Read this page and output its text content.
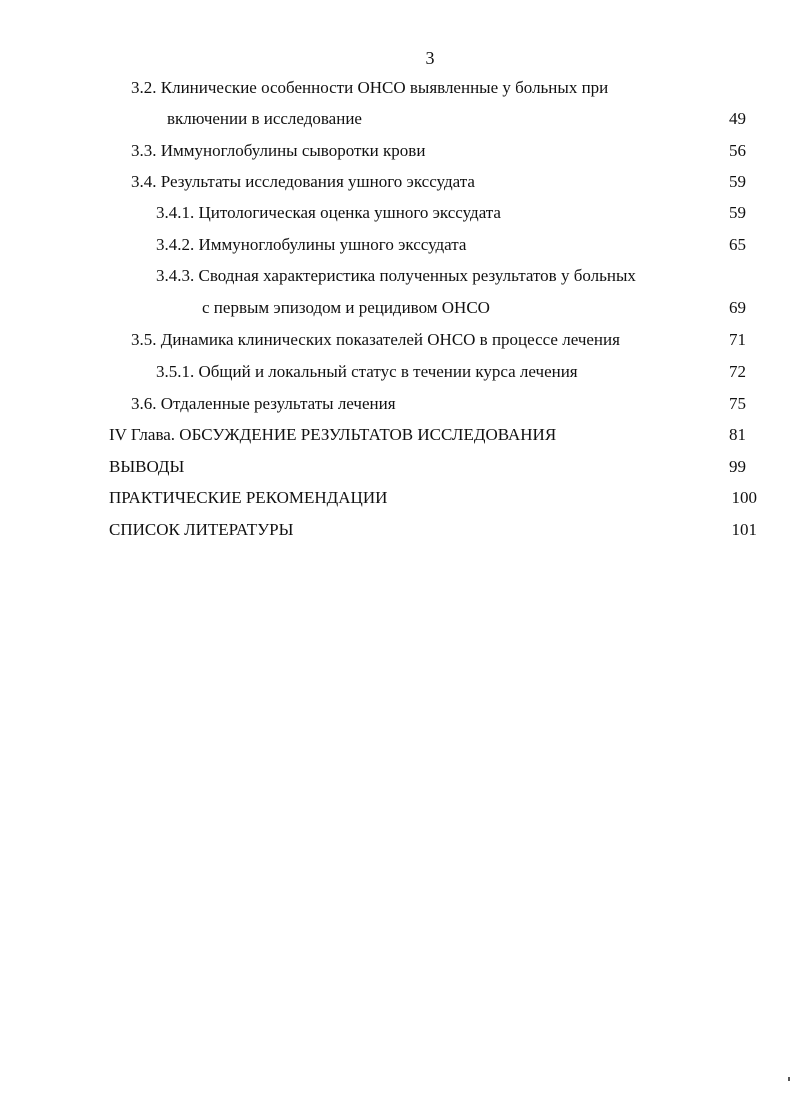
3
3.2. Клинические особенности ОНСО выявленные у больных при
включении в исследование	49
3.3. Иммуноглобулины сыворотки крови	56
3.4. Результаты исследования ушного экссудата	59
3.4.1. Цитологическая оценка ушного экссудата	59
3.4.2. Иммуноглобулины ушного экссудата	65
3.4.3. Сводная характеристика полученных результатов у больных
с первым эпизодом и рецидивом ОНСО	69
3.5. Динамика клинических показателей ОНСО в процессе лечения	71
3.5.1. Общий и локальный статус в течении курса лечения	72
3.6. Отдаленные результаты лечения	75
IV Глава. ОБСУЖДЕНИЕ РЕЗУЛЬТАТОВ ИССЛЕДОВАНИЯ	81
ВЫВОДЫ	99
ПРАКТИЧЕСКИЕ РЕКОМЕНДАЦИИ	100
СПИСОК ЛИТЕРАТУРЫ	101
